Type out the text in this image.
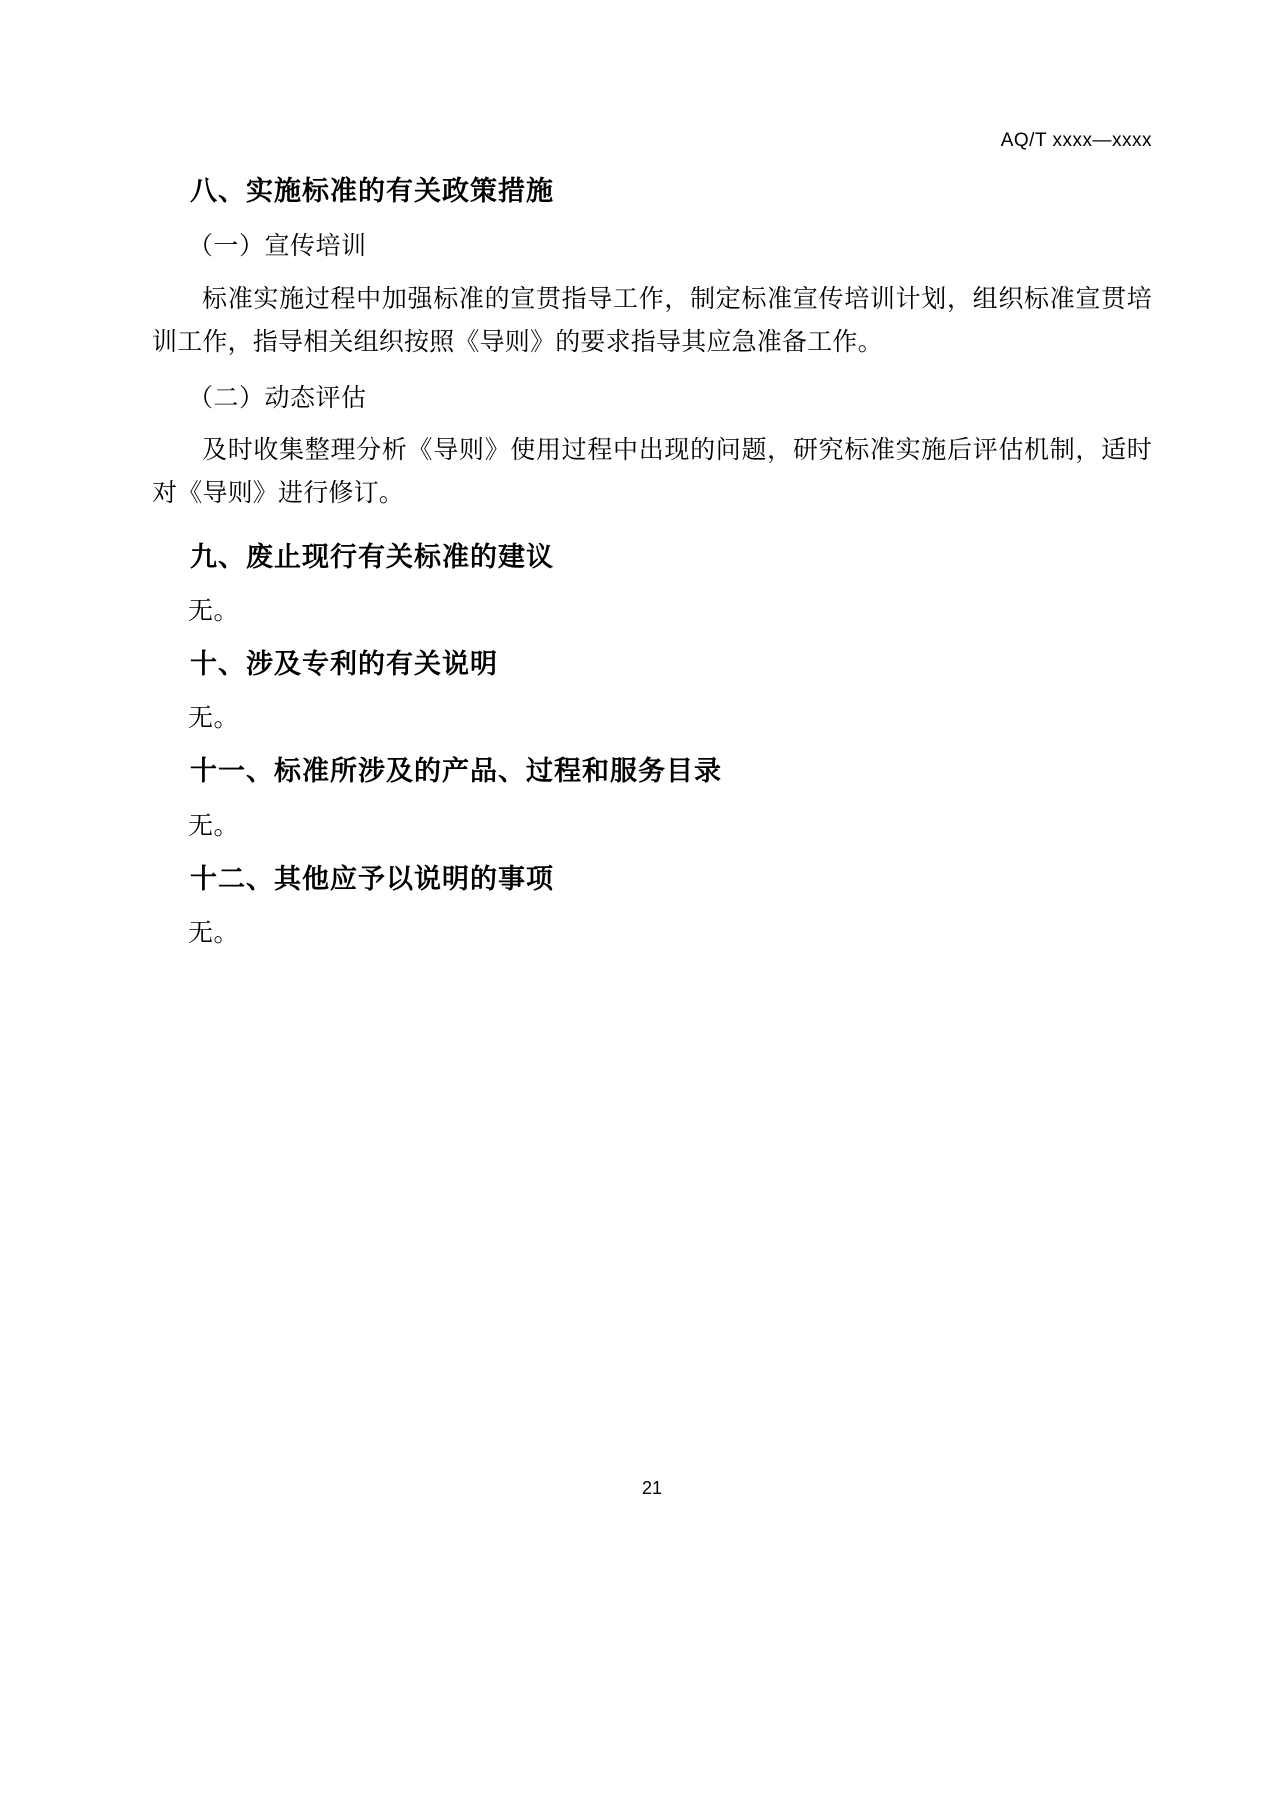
AQ/T xxxx—xxxx
八、实施标准的有关政策措施
（一）宣传培训

标准实施过程中加强标准的宣贯指导工作，制定标准宣传培训计划，组织标准宣贯培训工作，指导相关组织按照《导则》的要求指导其应急准备工作。

（二）动态评估

及时收集整理分析《导则》使用过程中出现的问题，研究标准实施后评估机制，适时对《导则》进行修订。

九、废止现行有关标准的建议

无。

十、涉及专利的有关说明

无。

十一、标准所涉及的产品、过程和服务目录

无。

十二、其他应予以说明的事项

无。

21
